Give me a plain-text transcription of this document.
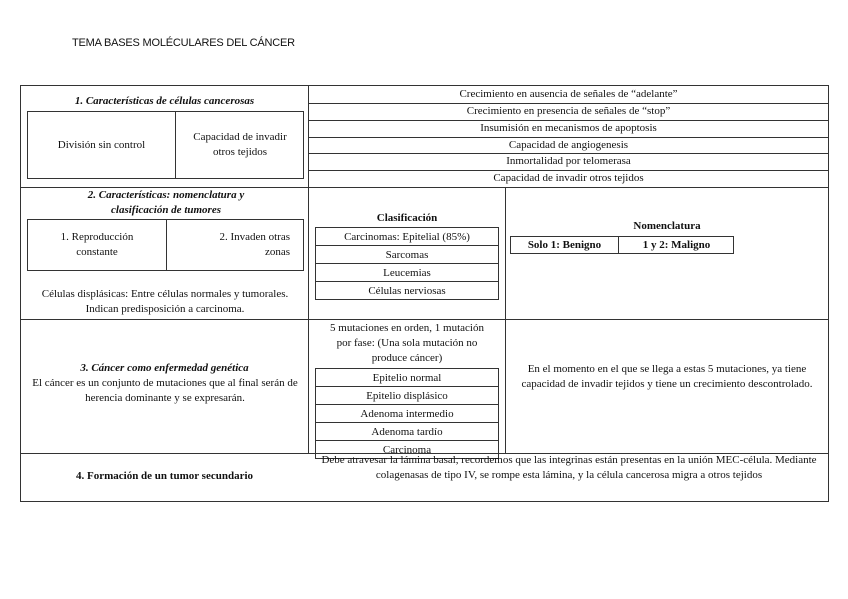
TEMA BASES MOLÉCULARES DEL CÁNCER
1. Características de células cancerosas
División sin control
Capacidad de invadir otros tejidos
Crecimiento en ausencia de señales de “adelante”
Crecimiento en presencia de señales de “stop”
Insumisión en mecanismos de apoptosis
Capacidad de angiogenesis
Inmortalidad por telomerasa
Capacidad de invadir otros tejidos
2. Características: nomenclatura y clasificación de tumores
1. Reproducción constante
2. Invaden otras zonas
Células displásicas: Entre células normales y tumorales. Indican predisposición a carcinoma.
Clasificación
Carcinomas: Epitelial (85%)
Sarcomas
Leucemias
Células nerviosas
Nomenclatura
Solo 1: Benigno	1 y 2: Maligno
3. Cáncer como enfermedad genética
El cáncer es un conjunto de mutaciones que al final serán de herencia dominante y se expresarán.
5 mutaciones en orden, 1 mutación por fase: (Una sola mutación no produce cáncer)
Epitelio normal
Epitelio displásico
Adenoma intermedio
Adenoma tardío
Carcinoma
En el momento en el que se llega a estas 5 mutaciones, ya tiene capacidad de invadir tejidos y tiene un crecimiento descontrolado.
4. Formación de un tumor secundario
Debe atravesar la lámina basal, recordemos que las integrinas están presentas en la unión MEC-célula. Mediante colagenasas de tipo IV, se rompe esta lámina, y la célula cancerosa migra a otros tejidos
